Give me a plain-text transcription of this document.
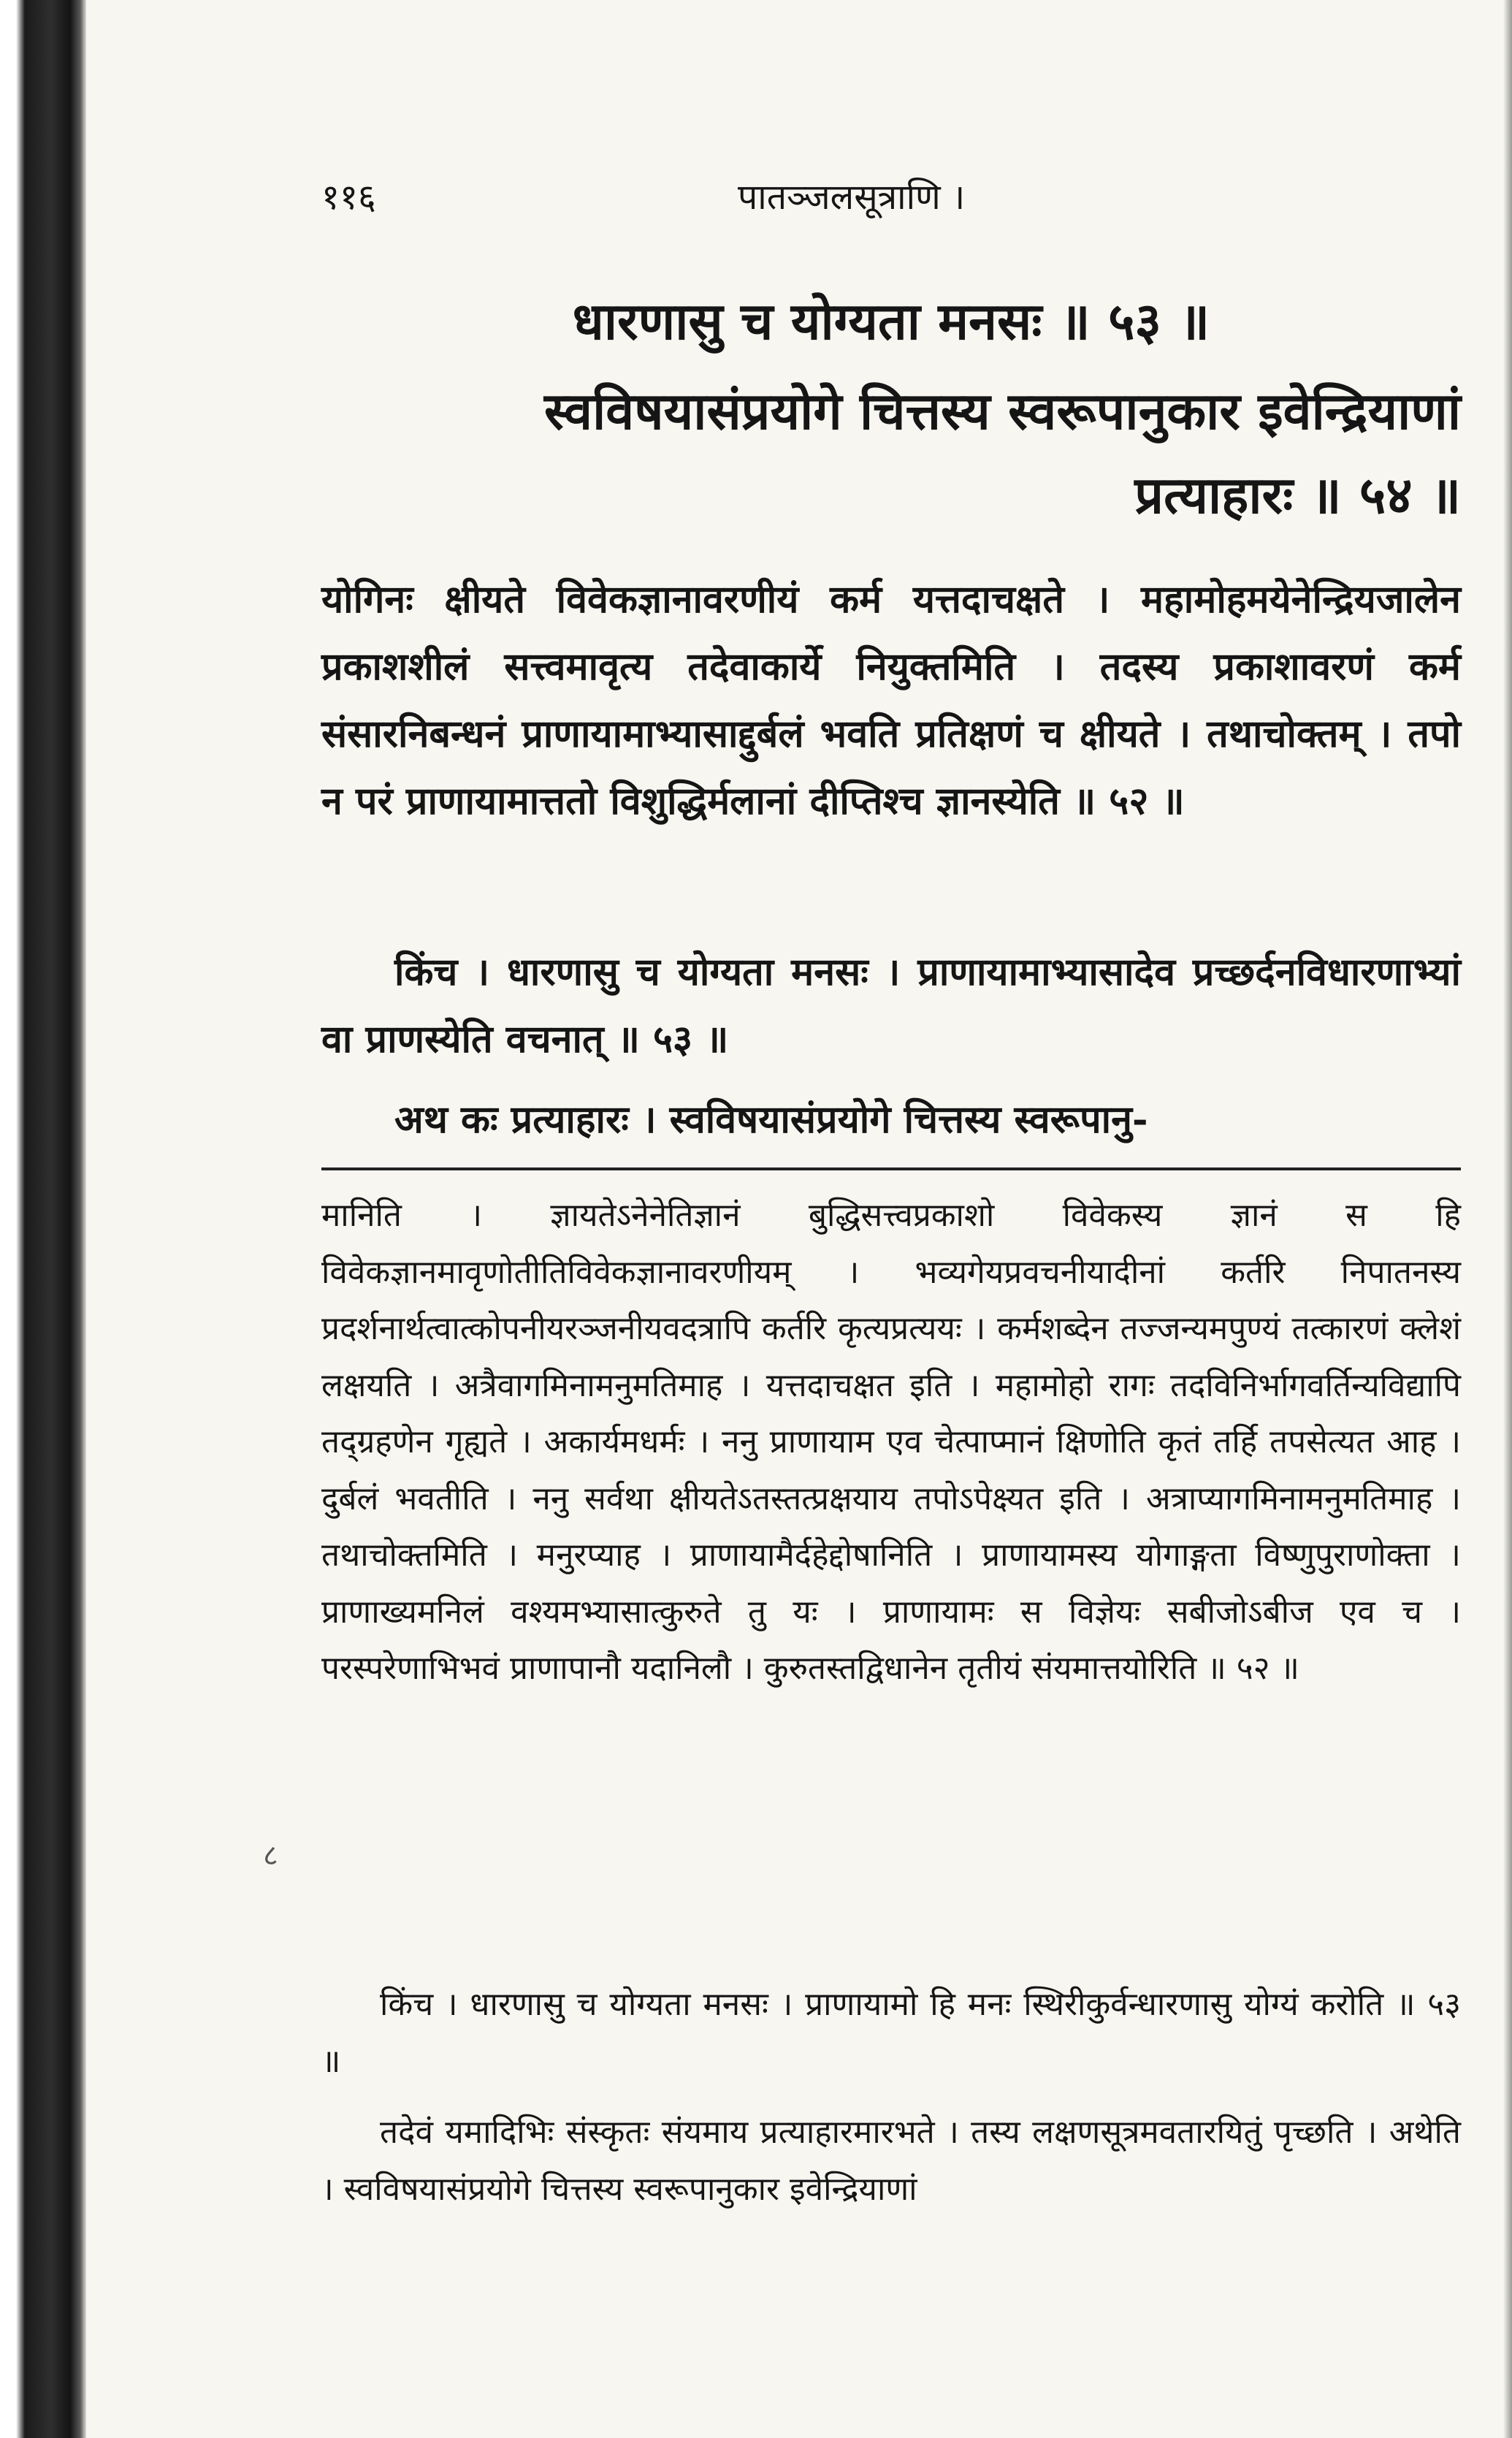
११६	पातञ्जलसूत्राणि ।
धारणासु च योग्यता मनसः ॥ ५३ ॥
स्वविषयासंप्रयोगे चित्तस्य स्वरूपानुकार इवेन्द्रियाणां
प्रत्याहारः ॥ ५४ ॥
योगिनः क्षीयते विवेकज्ञानावरणीयं कर्म यत्तदाचक्षते । महामोहमयेनेन्द्रियजालेन प्रकाशशीलं सत्त्वमावृत्य तदेवाकार्ये नियुक्तमिति । तदस्य प्रकाशावरणं कर्म संसारनिबन्धनं प्राणायामाभ्यासाद्दुर्बलं भवति प्रतिक्षणं च क्षीयते । तथाचोक्तम् । तपो न परं प्राणायामात्ततो विशुद्धिर्मलानां दीप्तिश्च ज्ञानस्येति ॥ ५२ ॥
किंच । धारणासु च योग्यता मनसः । प्राणायामाभ्यासादेव प्रच्छर्दनविधारणाभ्यां वा प्राणस्येति वचनात् ॥ ५३ ॥
अथ कः प्रत्याहारः । स्वविषयासंप्रयोगे चित्तस्य स्वरूपानु-
मानिति । ज्ञायतेऽनेनेतिज्ञानं बुद्धिसत्त्वप्रकाशो विवेकस्य ज्ञानं स हि विवेकज्ञानमावृणोतीतिविवेकज्ञानावरणीयम् । भव्यगेयप्रवचनीयादीनां कर्तरि निपातनस्य प्रदर्शनार्थत्वात्कोपनीयरञ्जनीयवदत्रापि कर्तरि कृत्यप्रत्ययः । कर्मशब्देन तज्जन्यमपुण्यं तत्कारणं क्लेशं लक्षयति । अत्रैवागमिनामनुमतिमाह । यत्तदाचक्षत इति । महामोहो रागः तदविनिर्भागवर्तिन्यविद्यापि तद्ग्रहणेन गृह्यते । अकार्यमधर्मः । ननु प्राणायाम एव चेत्पाप्मानं क्षिणोति कृतं तर्हि तपसेत्यत आह । दुर्बलं भवतीति । ननु सर्वथा क्षीयतेऽतस्तत्प्रक्षयाय तपोऽपेक्ष्यत इति । अत्राप्यागमिनामनुमतिमाह । तथाचोक्तमिति । मनुरप्याह । प्राणायामैर्दहेद्दोषानिति । प्राणायामस्य योगाङ्गता विष्णुपुराणोक्ता । प्राणाख्यमनिलं वश्यमभ्यासात्कुरुते तु यः । प्राणायामः स विज्ञेयः सबीजोऽबीज एव च । परस्परेणाभिभवं प्राणापानौ यदानिलौ । कुरुतस्तद्विधानेन तृतीयं संयमात्तयोरिति ॥ ५२ ॥
किंच । धारणासु च योग्यता मनसः । प्राणायामो हि मनः स्थिरीकुर्वन्धारणासु योग्यं करोति ॥ ५३ ॥
तदेवं यमादिभिः संस्कृतः संयमाय प्रत्याहारमारभते । तस्य लक्षणसूत्रमवतारयितुं पृच्छति । अथेति । स्वविषयासंप्रयोगे चित्तस्य स्वरूपानुकार इवेन्द्रियाणां
८
